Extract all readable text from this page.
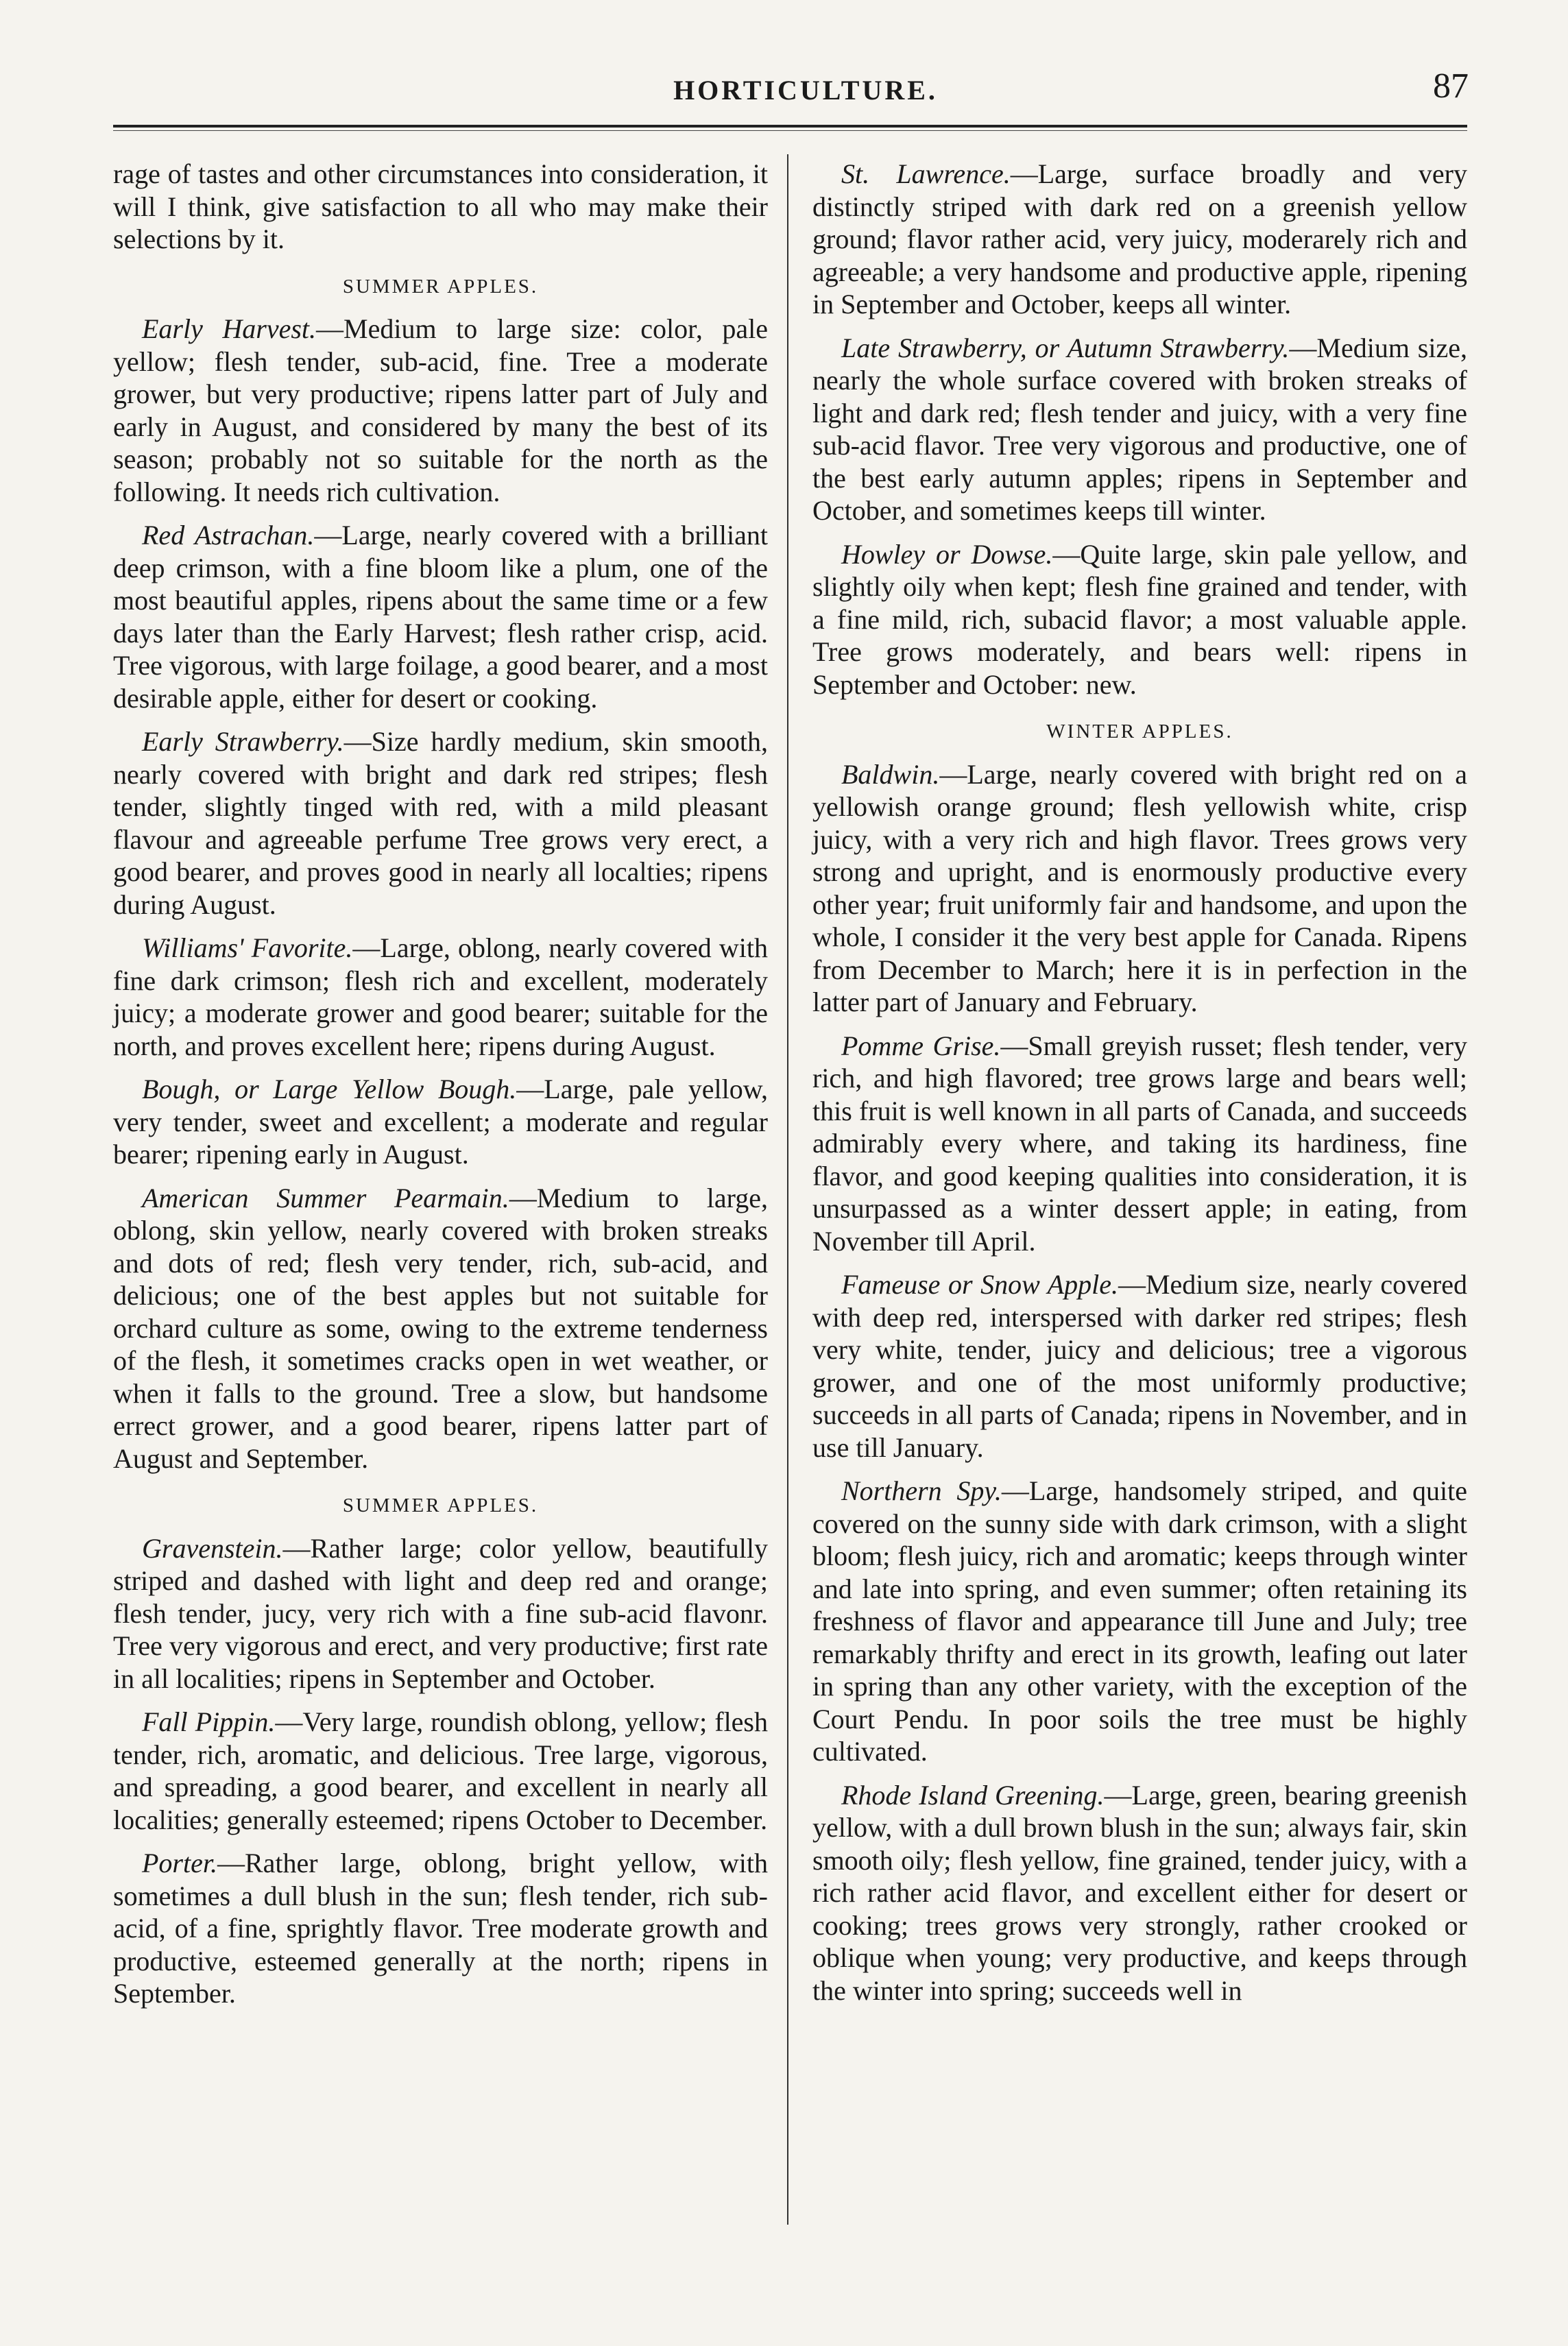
HORTICULTURE.	87

rage of tastes and other circumstances into consideration, it will I think, give satisfaction to all who may make their selections by it.

SUMMER APPLES.

Early Harvest.—Medium to large size: color, pale yellow; flesh tender, sub-acid, fine. Tree a moderate grower, but very productive; ripens latter part of July and early in August, and considered by many the best of its season; probably not so suitable for the north as the following. It needs rich cultivation.

Red Astrachan.—Large, nearly covered with a brilliant deep crimson, with a fine bloom like a plum, one of the most beautiful apples, ripens about the same time or a few days later than the Early Harvest; flesh rather crisp, acid. Tree vigorous, with large foilage, a good bearer, and a most desirable apple, either for desert or cooking.

Early Strawberry.—Size hardly medium, skin smooth, nearly covered with bright and dark red stripes; flesh tender, slightly tinged with red, with a mild pleasant flavour and agreeable perfume Tree grows very erect, a good bearer, and proves good in nearly all localties; ripens during August.

Williams' Favorite.—Large, oblong, nearly covered with fine dark crimson; flesh rich and excellent, moderately juicy; a moderate grower and good bearer; suitable for the north, and proves excellent here; ripens during August.

Bough, or Large Yellow Bough.—Large, pale yellow, very tender, sweet and excellent; a moderate and regular bearer; ripening early in August.

American Summer Pearmain.—Medium to large, oblong, skin yellow, nearly covered with broken streaks and dots of red; flesh very tender, rich, sub-acid, and delicious; one of the best apples but not suitable for orchard culture as some, owing to the extreme tenderness of the flesh, it sometimes cracks open in wet weather, or when it falls to the ground. Tree a slow, but handsome errect grower, and a good bearer, ripens latter part of August and September.

SUMMER APPLES.

Gravenstein.—Rather large; color yellow, beautifully striped and dashed with light and deep red and orange; flesh tender, jucy, very rich with a fine sub-acid flavonr. Tree very vigorous and erect, and very productive; first rate in all localities; ripens in September and October.

Fall Pippin.—Very large, roundish oblong, yellow; flesh tender, rich, aromatic, and delicious. Tree large, vigorous, and spreading, a good bearer, and excellent in nearly all localities; generally esteemed; ripens October to December.

Porter.—Rather large, oblong, bright yellow, with sometimes a dull blush in the sun; flesh tender, rich sub-acid, of a fine, sprightly flavor. Tree moderate growth and productive, esteemed generally at the north; ripens in September.

St. Lawrence.—Large, surface broadly and very distinctly striped with dark red on a greenish yellow ground; flavor rather acid, very juicy, moderarely rich and agreeable; a very handsome and productive apple, ripening in September and October, keeps all winter.

Late Strawberry, or Autumn Strawberry.—Medium size, nearly the whole surface covered with broken streaks of light and dark red; flesh tender and juicy, with a very fine sub-acid flavor. Tree very vigorous and productive, one of the best early autumn apples; ripens in September and October, and sometimes keeps till winter.

Howley or Dowse.—Quite large, skin pale yellow, and slightly oily when kept; flesh fine grained and tender, with a fine mild, rich, subacid flavor; a most valuable apple. Tree grows moderately, and bears well: ripens in September and October: new.

WINTER APPLES.

Baldwin.—Large, nearly covered with bright red on a yellowish orange ground; flesh yellowish white, crisp juicy, with a very rich and high flavor. Trees grows very strong and upright, and is enormously productive every other year; fruit uniformly fair and handsome, and upon the whole, I consider it the very best apple for Canada. Ripens from December to March; here it is in perfection in the latter part of January and February.

Pomme Grise.—Small greyish russet; flesh tender, very rich, and high flavored; tree grows large and bears well; this fruit is well known in all parts of Canada, and succeeds admirably every where, and taking its hardiness, fine flavor, and good keeping qualities into consideration, it is unsurpassed as a winter dessert apple; in eating, from November till April.

Fameuse or Snow Apple.—Medium size, nearly covered with deep red, interspersed with darker red stripes; flesh very white, tender, juicy and delicious; tree a vigorous grower, and one of the most uniformly productive; succeeds in all parts of Canada; ripens in November, and in use till January.

Northern Spy.—Large, handsomely striped, and quite covered on the sunny side with dark crimson, with a slight bloom; flesh juicy, rich and aromatic; keeps through winter and late into spring, and even summer; often retaining its freshness of flavor and appearance till June and July; tree remarkably thrifty and erect in its growth, leafing out later in spring than any other variety, with the exception of the Court Pendu. In poor soils the tree must be highly cultivated.

Rhode Island Greening.—Large, green, bearing greenish yellow, with a dull brown blush in the sun; always fair, skin smooth oily; flesh yellow, fine grained, tender juicy, with a rich rather acid flavor, and excellent either for desert or cooking; trees grows very strongly, rather crooked or oblique when young; very productive, and keeps through the winter into spring; succeeds well in
